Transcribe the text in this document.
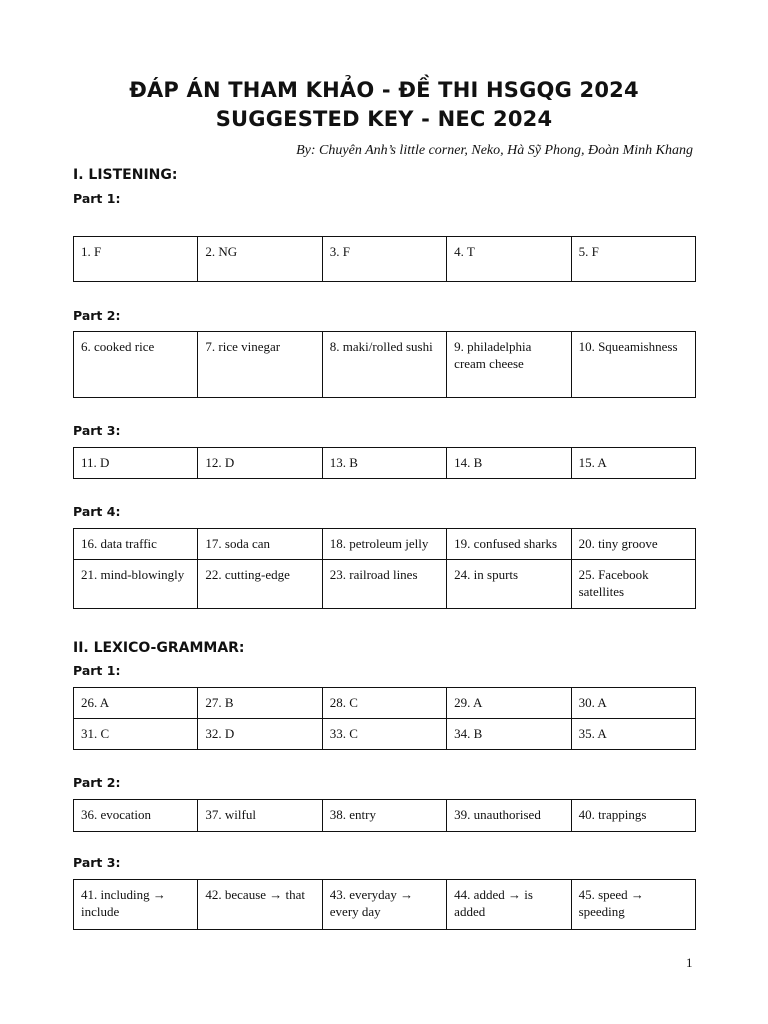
ĐÁP ÁN THAM KHẢO - ĐỀ THI HSGQG 2024
SUGGESTED KEY - NEC 2024
By: Chuyên Anh’s little corner, Neko, Hà Sỹ Phong, Đoàn Minh Khang
I. LISTENING:
Part 1:
1. F	2. NG	3. F	4. T	5. F
Part 2:
6. cooked rice	7. rice vinegar	8. maki/rolled sushi	9. philadelphia cream cheese	10. Squeamishness
Part 3:
11. D	12. D	13. B	14. B	15. A
Part 4:
16. data traffic	17. soda can	18. petroleum jelly	19. confused sharks	20. tiny groove
21. mind-blowingly	22. cutting-edge	23. railroad lines	24. in spurts	25. Facebook satellites
II. LEXICO-GRAMMAR:
Part 1:
26. A	27. B	28. C	29. A	30. A
31. C	32. D	33. C	34. B	35. A
Part 2:
36. evocation	37. wilful	38. entry	39. unauthorised	40. trappings
Part 3:
41. including → include	42. because → that	43. everyday → every day	44. added → is added	45. speed → speeding
1
